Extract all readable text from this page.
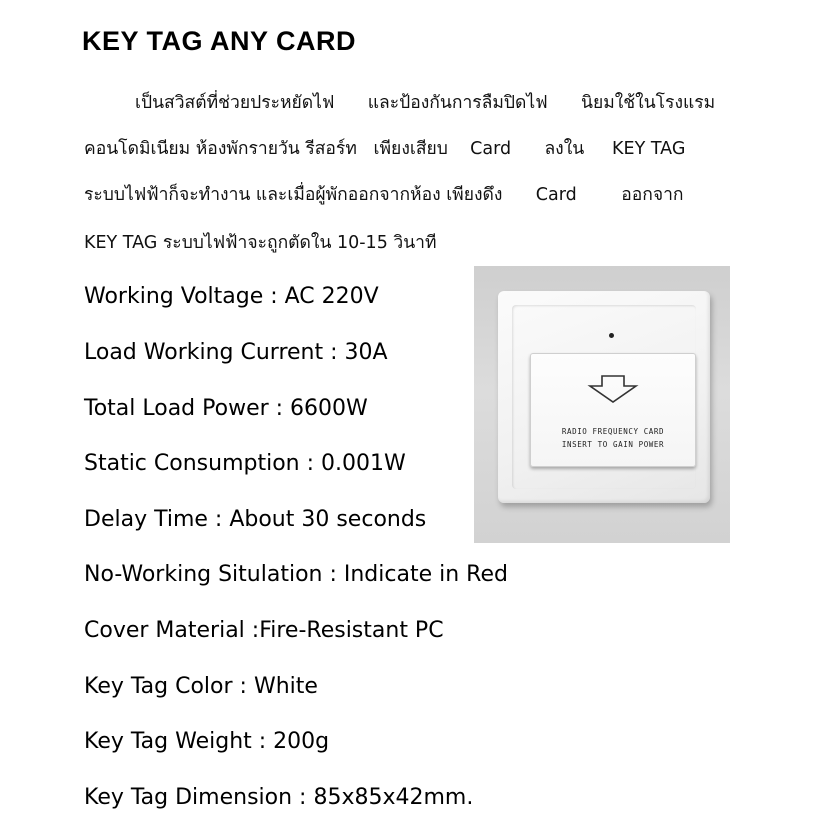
KEY TAG ANY CARD
เป็นสวิสต์ที่ช่วยประหยัดไฟ      และป้องกันการลืมปิดไฟ      นิยมใช้ในโรงแรม
คอนโดมิเนียม ห้องพักรายวัน รีสอร์ท   เพียงเสียบ    Card      ลงใน     KEY TAG
ระบบไฟฟ้าก็จะทำงาน และเมื่อผู้พักออกจากห้อง เพียงดึง      Card        ออกจาก
KEY TAG ระบบไฟฟ้าจะถูกตัดใน 10-15 วินาที
Working Voltage : AC 220V
Load Working Current : 30A
Total Load Power : 6600W
Static Consumption : 0.001W
Delay Time : About 30 seconds
No-Working Situlation : Indicate in Red
Cover Material :Fire-Resistant PC
Key Tag Color : White
Key Tag Weight : 200g
Key Tag Dimension : 85x85x42mm.
RADIO FREQUENCY CARD
INSERT TO GAIN POWER
